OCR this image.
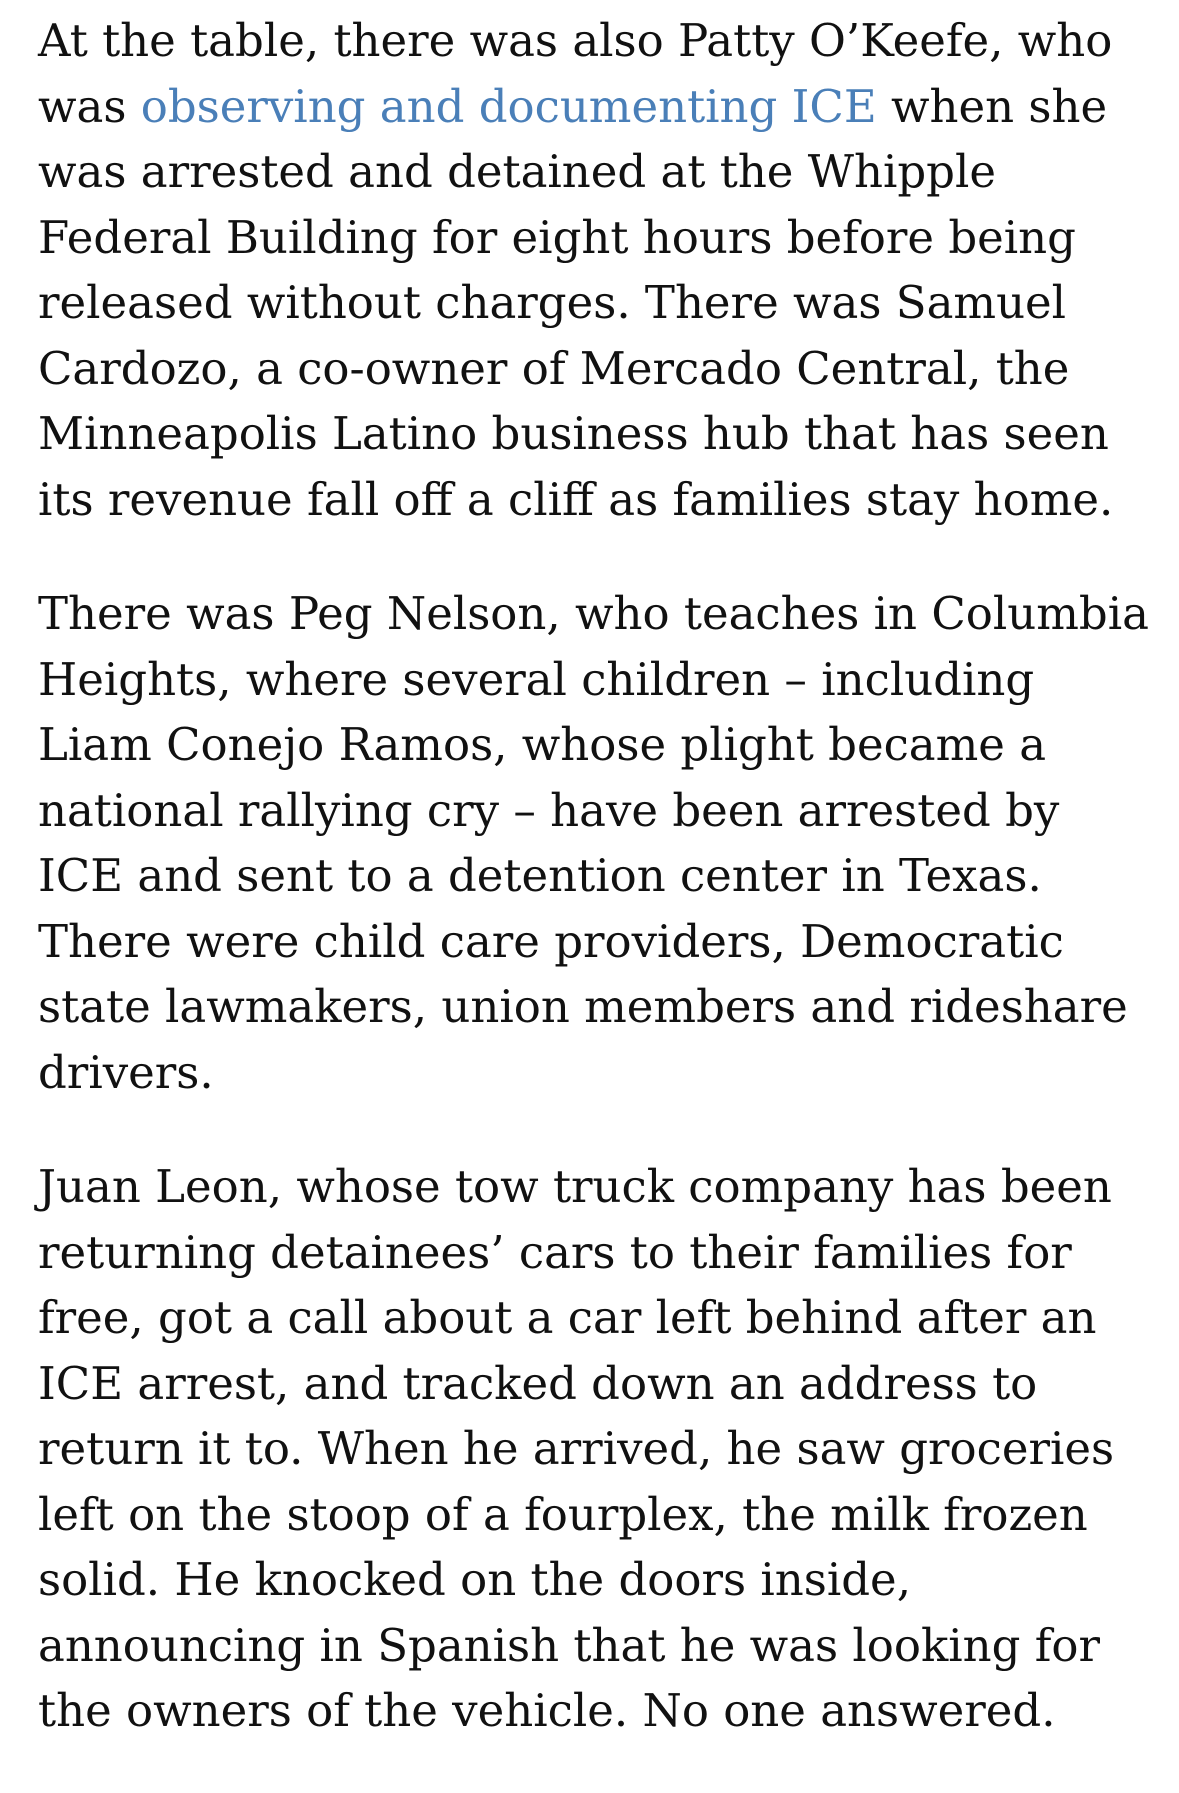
At the table, there was also Patty O’Keefe, who
was observing and documenting ICE when she
was arrested and detained at the Whipple
Federal Building for eight hours before being
released without charges. There was Samuel
Cardozo, a co-owner of Mercado Central, the
Minneapolis Latino business hub that has seen
its revenue fall off a cliff as families stay home.

There was Peg Nelson, who teaches in Columbia
Heights, where several children – including
Liam Conejo Ramos, whose plight became a
national rallying cry – have been arrested by
ICE and sent to a detention center in Texas.
There were child care providers, Democratic
state lawmakers, union members and rideshare
drivers.

Juan Leon, whose tow truck company has been
returning detainees’ cars to their families for
free, got a call about a car left behind after an
ICE arrest, and tracked down an address to
return it to. When he arrived, he saw groceries
left on the stoop of a fourplex, the milk frozen
solid. He knocked on the doors inside,
announcing in Spanish that he was looking for
the owners of the vehicle. No one answered.
